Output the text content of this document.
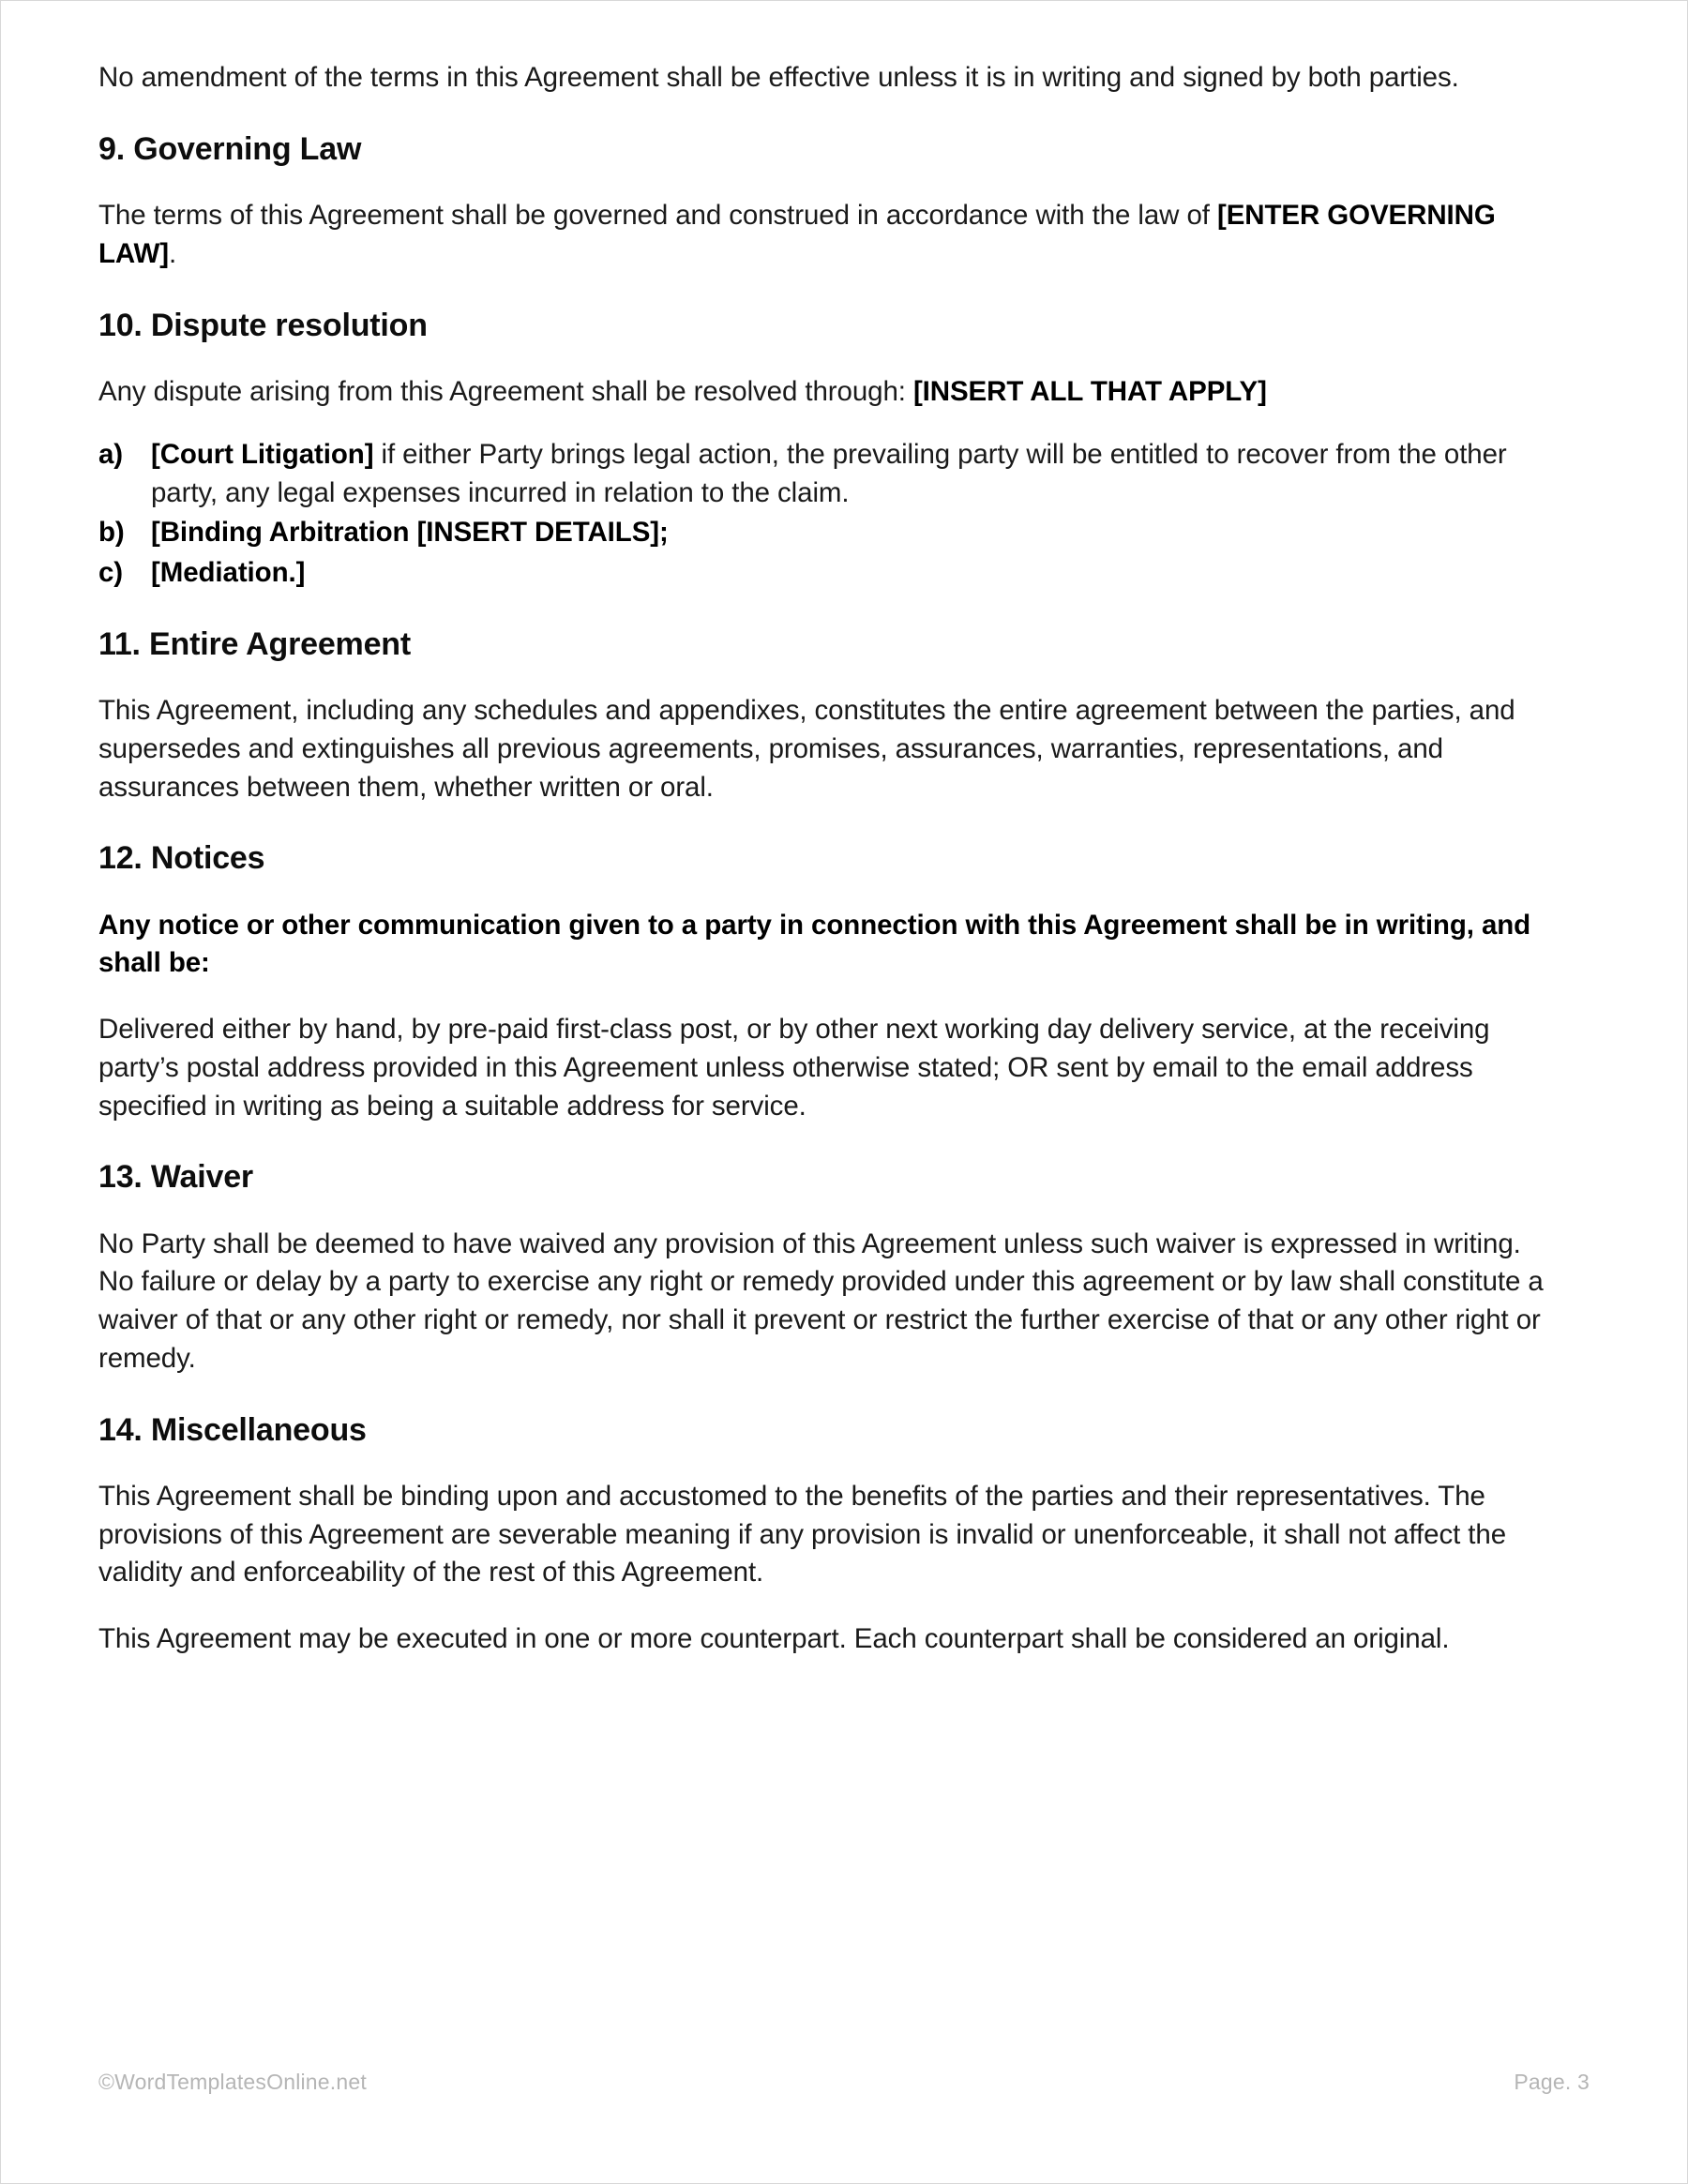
No amendment of the terms in this Agreement shall be effective unless it is in writing and signed by both parties.

9. Governing Law

The terms of this Agreement shall be governed and construed in accordance with the law of [ENTER GOVERNING LAW].

10. Dispute resolution

Any dispute arising from this Agreement shall be resolved through: [INSERT ALL THAT APPLY]

a)	[Court Litigation] if either Party brings legal action, the prevailing party will be entitled to recover from the other party, any legal expenses incurred in relation to the claim.
b) [Binding Arbitration [INSERT DETAILS];
c)	[Mediation.]
11. Entire Agreement

This Agreement, including any schedules and appendixes, constitutes the entire agreement between the parties, and supersedes and extinguishes all previous agreements, promises, assurances, warranties, representations, and assurances between them, whether written or oral.

12. Notices

Any notice or other communication given to a party in connection with this Agreement shall be in writing, and shall be:

Delivered either by hand, by pre-paid first-class post, or by other next working day delivery service, at the receiving party’s postal address provided in this Agreement unless otherwise stated; OR sent by email to the email address specified in writing as being a suitable address for service.

13. Waiver

No Party shall be deemed to have waived any provision of this Agreement unless such waiver is expressed in writing. No failure or delay by a party to exercise any right or remedy provided under this agreement or by law shall constitute a waiver of that or any other right or remedy, nor shall it prevent or restrict the further exercise of that or any other right or remedy.

14. Miscellaneous

This Agreement shall be binding upon and accustomed to the benefits of the parties and their representatives. The provisions of this Agreement are severable meaning if any provision is invalid or unenforceable, it shall not affect the validity and enforceability of the rest of this Agreement.

This Agreement may be executed in one or more counterpart. Each counterpart shall be considered an original.

©WordTemplatesOnline.net	Page. 3
